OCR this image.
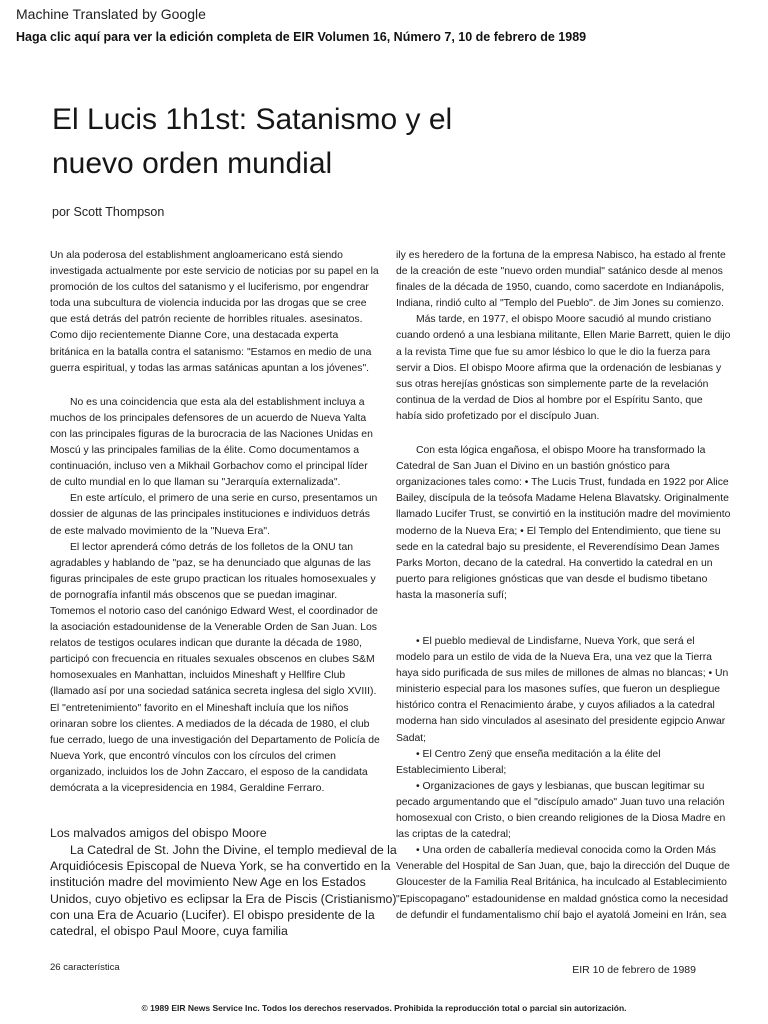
Machine Translated by Google
Haga clic aquí para ver la edición completa de EIR Volumen 16, Número 7, 10 de febrero de 1989
El Lucis 1h1st: Satanismo y el nuevo orden mundial
por Scott Thompson

Un ala poderosa del establishment angloamericano está siendo investigada actualmente por este servicio de noticias por su papel en la promoción de los cultos del satanismo y el luciferismo, por engendrar toda una subcultura de violencia inducida por las drogas que se cree que está detrás del patrón reciente de horribles rituales. asesinatos. Como dijo recientemente Dianne Core, una destacada experta británica en la batalla contra el satanismo: "Estamos en medio de una guerra espiritual, y todas las armas satánicas apuntan a los jóvenes".

No es una coincidencia que esta ala del establishment incluya a muchos de los principales defensores de un acuerdo de Nueva Yalta con las principales figuras de la burocracia de las Naciones Unidas en Moscú y las principales familias de la élite. Como documentamos a continuación, incluso ven a Mikhail Gorbachov como el principal líder de culto mundial en lo que llaman su "Jerarquía externalizada".

En este artículo, el primero de una serie en curso, presentamos un dossier de algunas de las principales instituciones e individuos detrás de este malvado movimiento de la "Nueva Era".

El lector aprenderá cómo detrás de los folletos de la ONU tan agradables y hablando de "paz, se ha denunciado que algunas de las figuras principales de este grupo practican los rituales homosexuales y de pornografía infantil más obscenos que se puedan imaginar. Tomemos el notorio caso del canónigo Edward West, el coordinador de la asociación estadounidense de la Venerable Orden de San Juan. Los relatos de testigos oculares indican que durante la década de 1980, participó con frecuencia en rituales sexuales obscenos en clubes S&M homosexuales en Manhattan, incluidos Mineshaft y Hellfire Club (llamado así por una sociedad satánica secreta inglesa del siglo XVIII). El "entretenimiento" favorito en el Mineshaft incluía que los niños orinaran sobre los clientes. A mediados de la década de 1980, el club fue cerrado, luego de una investigación del Departamento de Policía de Nueva York, que encontró vínculos con los círculos del crimen organizado, incluidos los de John Zaccaro, el esposo de la candidata demócrata a la vicepresidencia en 1984, Geraldine Ferraro.

ily es heredero de la fortuna de la empresa Nabisco, ha estado al frente de la creación de este "nuevo orden mundial" satánico desde al menos finales de la década de 1950, cuando, como sacerdote en Indianápolis, Indiana, rindió culto al "Templo del Pueblo". de Jim Jones su comienzo.

Más tarde, en 1977, el obispo Moore sacudió al mundo cristiano cuando ordenó a una lesbiana militante, Ellen Marie Barrett, quien le dijo a la revista Time que fue su amor lésbico lo que le dio la fuerza para servir a Dios. El obispo Moore afirma que la ordenación de lesbianas y sus otras herejías gnósticas son simplemente parte de la revelación continua de la verdad de Dios al hombre por el Espíritu Santo, que había sido profetizado por el discípulo Juan.

Con esta lógica engañosa, el obispo Moore ha transformado la Catedral de San Juan el Divino en un bastión gnóstico para organizaciones tales como: • The Lucis Trust, fundada en 1922 por Alice Bailey, discípula de la teósofa Madame Helena Blavatsky. Originalmente llamado Lucifer Trust, se convirtió en la institución madre del movimiento moderno de la Nueva Era; • El Templo del Entendimiento, que tiene su sede en la catedral bajo su presidente, el Reverendísimo Dean James Parks Morton, decano de la catedral. Ha convertido la catedral en un puerto para religiones gnósticas que van desde el budismo tibetano hasta la masonería sufí;

• El pueblo medieval de Lindisfarne, Nueva York, que será el modelo para un estilo de vida de la Nueva Era, una vez que la Tierra haya sido purificada de sus miles de millones de almas no blancas; • Un ministerio especial para los masones sufíes, que fueron un despliegue histórico contra el Renacimiento árabe, y cuyos afiliados a la catedral moderna han sido vinculados al asesinato del presidente egipcio Anwar Sadat;

• El Centro Zenÿ que enseña meditación a la élite del Establecimiento Liberal;

• Organizaciones de gays y lesbianas, que buscan legitimar su pecado argumentando que el "discípulo amado" Juan tuvo una relación homosexual con Cristo, o bien creando religiones de la Diosa Madre en las criptas de la catedral;

• Una orden de caballería medieval conocida como la Orden Más Venerable del Hospital de San Juan, que, bajo la dirección del Duque de Gloucester de la Familia Real Británica, ha inculcado al Establecimiento "Episcopagano" estadounidense en maldad gnóstica como la necesidad de defundir el fundamentalismo chií bajo el ayatolá Jomeini en Irán, sea

Los malvados amigos del obispo Moore

La Catedral de St. John the Divine, el templo medieval de la Arquidiócesis Episcopal de Nueva York, se ha convertido en la institución madre del movimiento New Age en los Estados Unidos, cuyo objetivo es eclipsar la Era de Piscis (Cristianismo) con una Era de Acuario (Lucifer). El obispo presidente de la catedral, el obispo Paul Moore, cuya familia

26 característica	EIR 10 de febrero de 1989
© 1989 EIR News Service Inc. Todos los derechos reservados. Prohibida la reproducción total o parcial sin autorización.
